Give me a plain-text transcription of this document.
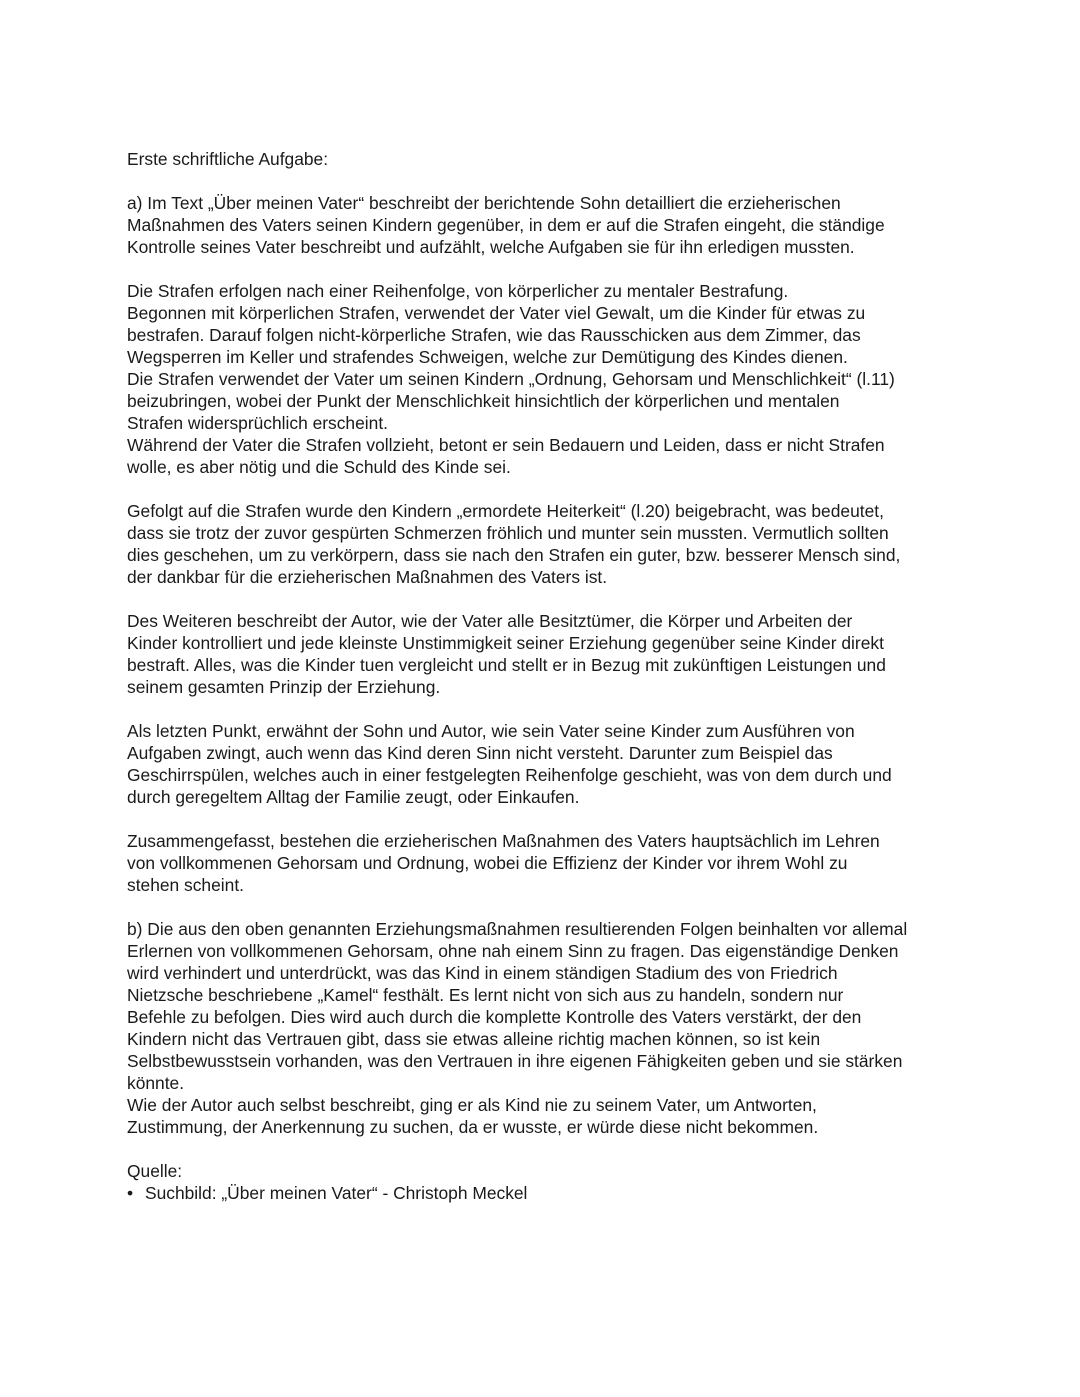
Erste schriftliche Aufgabe:
a) Im Text „Über meinen Vater“ beschreibt der berichtende Sohn detailliert die erzieherischen
Maßnahmen des Vaters seinen Kindern gegenüber, in dem er auf die Strafen eingeht, die ständige
Kontrolle seines Vater beschreibt und aufzählt, welche Aufgaben sie für ihn erledigen mussten.
Die Strafen erfolgen nach einer Reihenfolge, von körperlicher zu mentaler Bestrafung.
Begonnen mit körperlichen Strafen, verwendet der Vater viel Gewalt, um die Kinder für etwas zu
bestrafen. Darauf folgen nicht-körperliche Strafen, wie das Rausschicken aus dem Zimmer, das
Wegsperren im Keller und strafendes Schweigen, welche zur Demütigung des Kindes dienen.
Die Strafen verwendet der Vater um seinen Kindern „Ordnung, Gehorsam und Menschlichkeit“ (l.11)
beizubringen, wobei der Punkt der Menschlichkeit hinsichtlich der körperlichen und mentalen
Strafen widersprüchlich erscheint.
Während der Vater die Strafen vollzieht, betont er sein Bedauern und Leiden, dass er nicht Strafen
wolle, es aber nötig und die Schuld des Kinde sei.
Gefolgt auf die Strafen wurde den Kindern „ermordete Heiterkeit“ (l.20) beigebracht, was bedeutet,
dass sie trotz der zuvor gespürten Schmerzen fröhlich und munter sein mussten. Vermutlich sollten
dies geschehen, um zu verkörpern, dass sie nach den Strafen ein guter, bzw. besserer Mensch sind,
der dankbar für die erzieherischen Maßnahmen des Vaters ist.
Des Weiteren beschreibt der Autor, wie der Vater alle Besitztümer, die Körper und Arbeiten der
Kinder kontrolliert und jede kleinste Unstimmigkeit seiner Erziehung gegenüber seine Kinder direkt
bestraft. Alles, was die Kinder tuen vergleicht und stellt er in Bezug mit zukünftigen Leistungen und
seinem gesamten Prinzip der Erziehung.
Als letzten Punkt, erwähnt der Sohn und Autor, wie sein Vater seine Kinder zum Ausführen von
Aufgaben zwingt, auch wenn das Kind deren Sinn nicht versteht. Darunter zum Beispiel das
Geschirrspülen, welches auch in einer festgelegten Reihenfolge geschieht, was von dem durch und
durch geregeltem Alltag der Familie zeugt, oder Einkaufen.
Zusammengefasst, bestehen die erzieherischen Maßnahmen des Vaters hauptsächlich im Lehren
von vollkommenen Gehorsam und Ordnung, wobei die Effizienz der Kinder vor ihrem Wohl zu
stehen scheint.
b) Die aus den oben genannten Erziehungsmaßnahmen resultierenden Folgen beinhalten vor allemal
Erlernen von vollkommenen Gehorsam, ohne nah einem Sinn zu fragen. Das eigenständige Denken
wird verhindert und unterdrückt, was das Kind in einem ständigen Stadium des von Friedrich
Nietzsche beschriebene „Kamel“ festhält. Es lernt nicht von sich aus zu handeln, sondern nur
Befehle zu befolgen. Dies wird auch durch die komplette Kontrolle des Vaters verstärkt, der den
Kindern nicht das Vertrauen gibt, dass sie etwas alleine richtig machen können, so ist kein
Selbstbewusstsein vorhanden, was den Vertrauen in ihre eigenen Fähigkeiten geben und sie stärken
könnte.
Wie der Autor auch selbst beschreibt, ging er als Kind nie zu seinem Vater, um Antworten,
Zustimmung, der Anerkennung zu suchen, da er wusste, er würde diese nicht bekommen.
Quelle:
• Suchbild: „Über meinen Vater“ - Christoph Meckel
